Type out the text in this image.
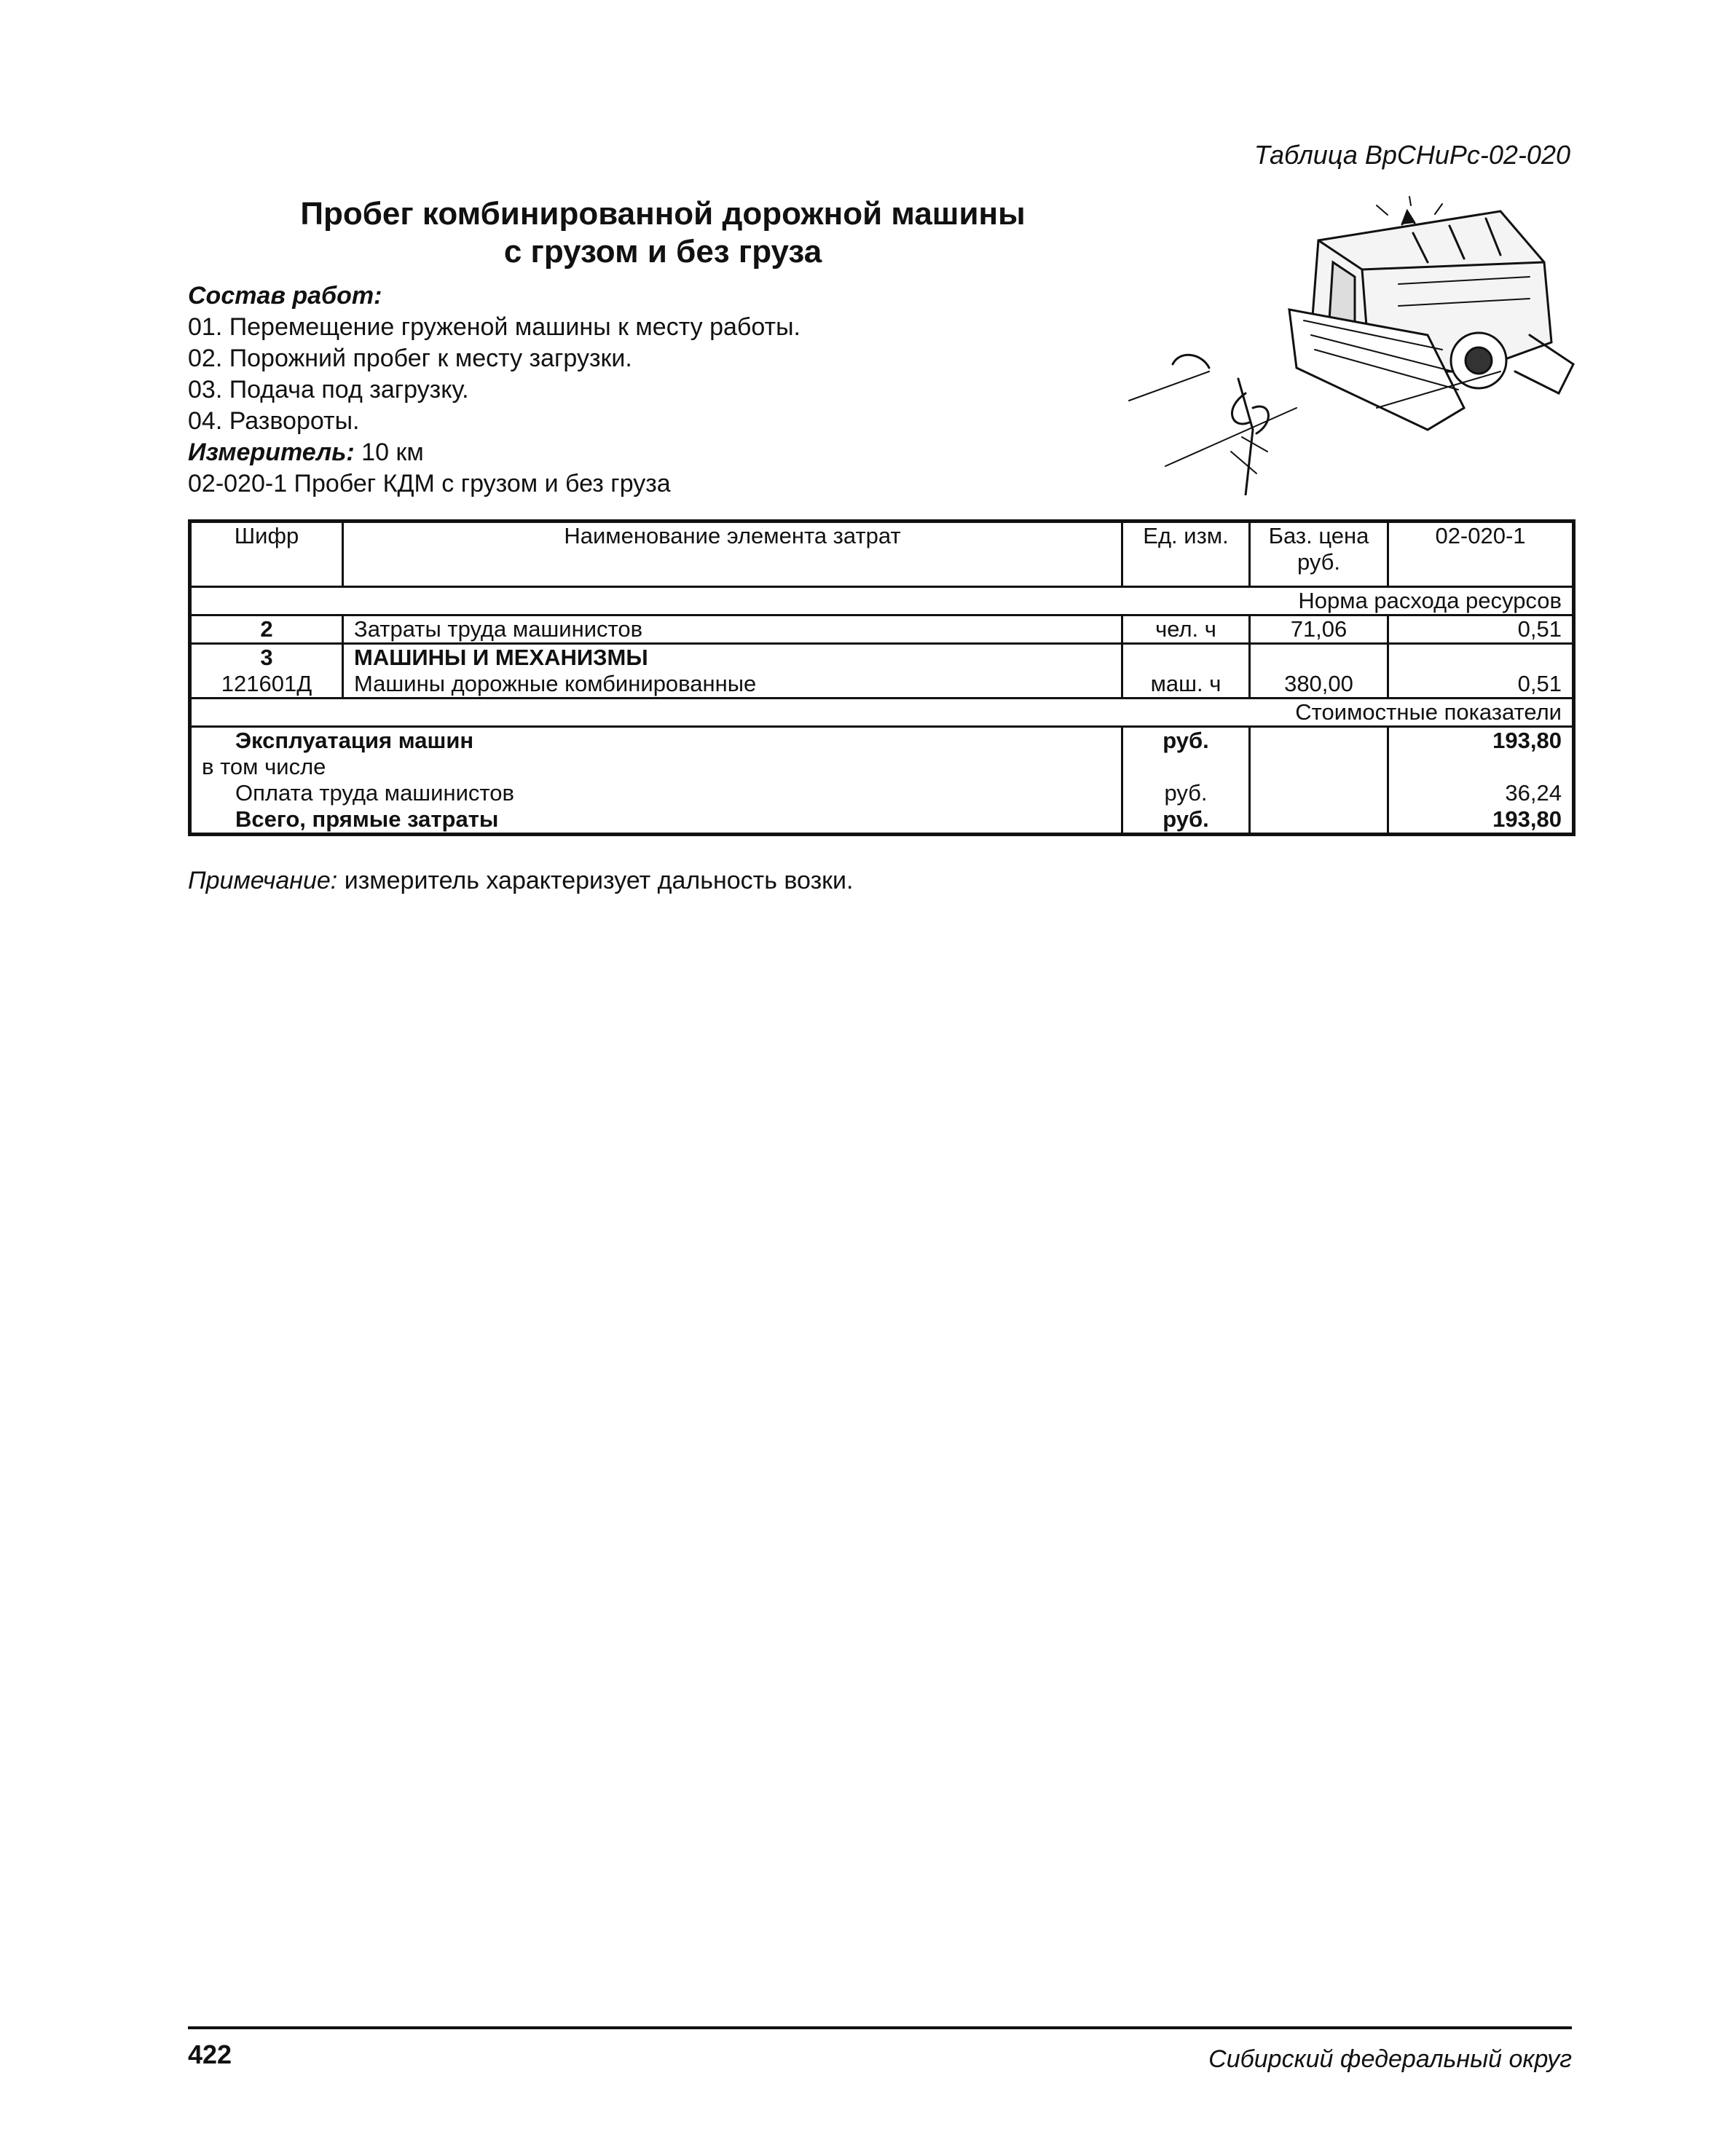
Таблица ВрСНиРс-02-020
Пробег комбинированной дорожной машины
с грузом и без груза
Состав работ:
01. Перемещение груженой машины к месту работы.
02. Порожний пробег к месту загрузки.
03. Подача под загрузку.
04. Развороты.
Измеритель: 10 км
02-020-1 Пробег КДМ с грузом и без груза
Шифр	Наименование элемента затрат	Ед. изм.	Баз. цена руб.	02-020-1
Норма расхода ресурсов				
2	Затраты труда машинистов	чел. ч	71,06	0,51
3	МАШИНЫ И МЕХАНИЗМЫ			
121601Д	Машины дорожные комбинированные	маш. ч	380,00	0,51
Стоимостные показатели				
Эксплуатация машин		руб.		193,80
в том числе				
Оплата труда машинистов		руб.		36,24
Всего, прямые затраты		руб.		193,80
Примечание: измеритель характеризует дальность возки.
422	Сибирский федеральный округ
